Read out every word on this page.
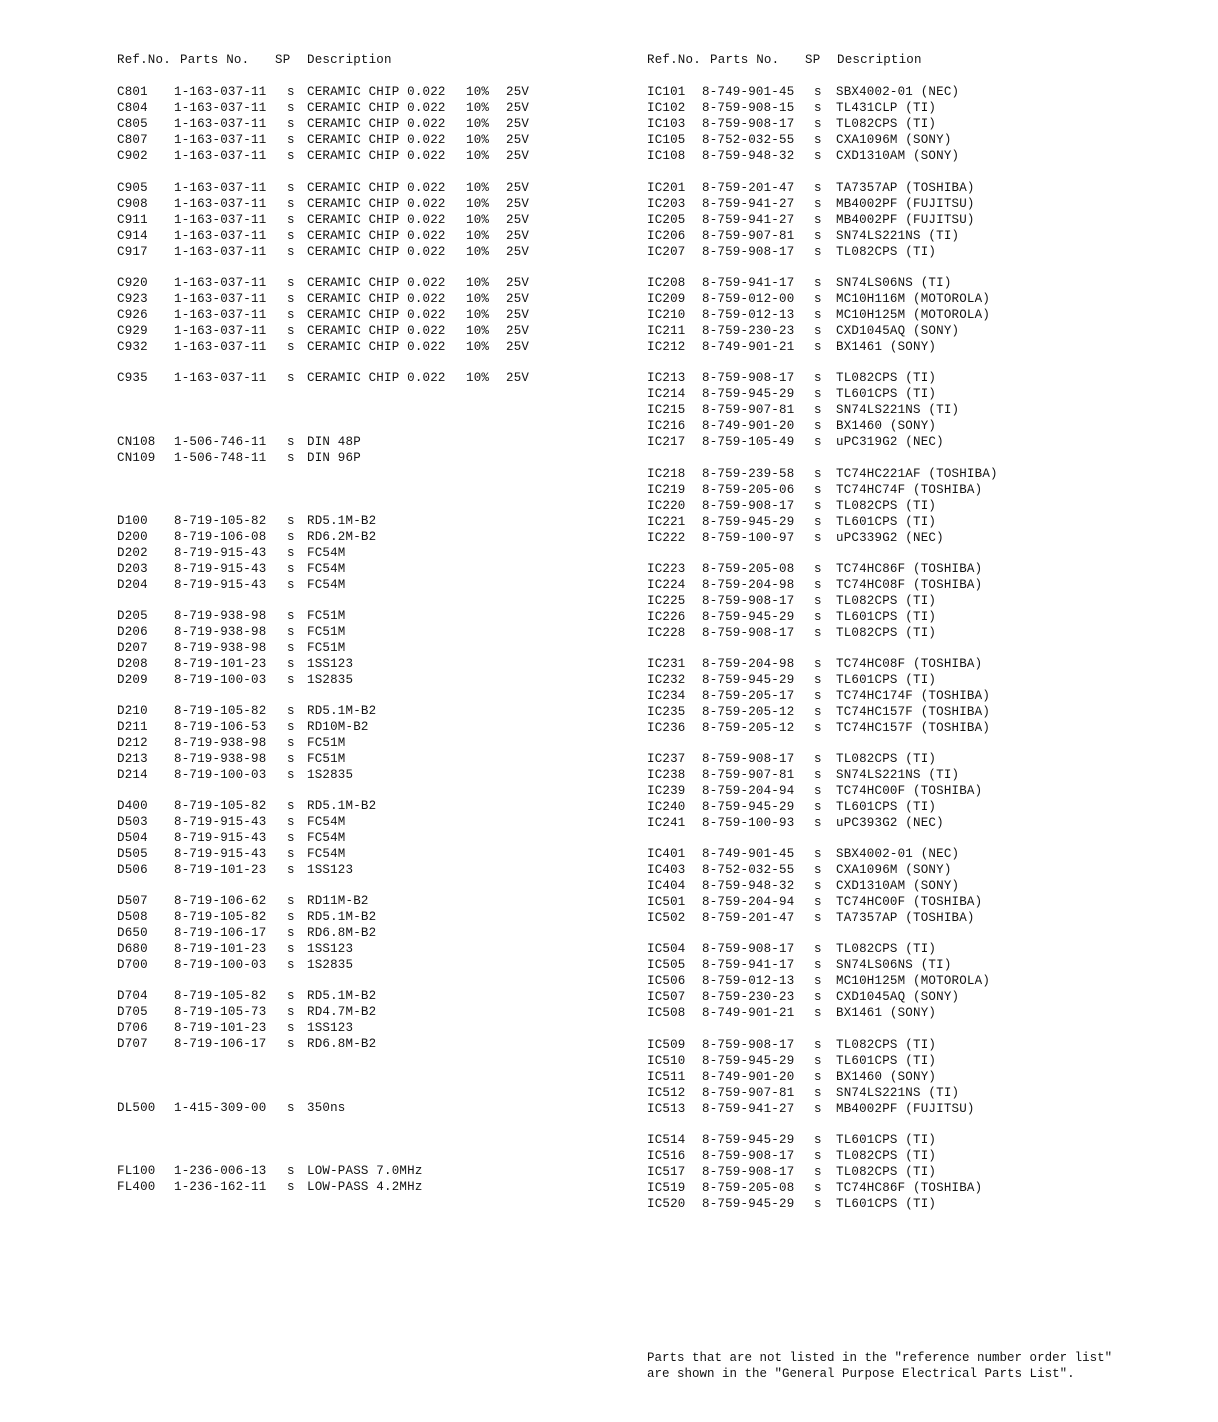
Ref.No. Parts No. SP Description
C801 1-163-037-11 s CERAMIC CHIP 0.022 10% 25V
C804 1-163-037-11 s CERAMIC CHIP 0.022 10% 25V
C805 1-163-037-11 s CERAMIC CHIP 0.022 10% 25V
C807 1-163-037-11 s CERAMIC CHIP 0.022 10% 25V
C902 1-163-037-11 s CERAMIC CHIP 0.022 10% 25V
C905 1-163-037-11 s CERAMIC CHIP 0.022 10% 25V
C908 1-163-037-11 s CERAMIC CHIP 0.022 10% 25V
C911 1-163-037-11 s CERAMIC CHIP 0.022 10% 25V
C914 1-163-037-11 s CERAMIC CHIP 0.022 10% 25V
C917 1-163-037-11 s CERAMIC CHIP 0.022 10% 25V
C920 1-163-037-11 s CERAMIC CHIP 0.022 10% 25V
C923 1-163-037-11 s CERAMIC CHIP 0.022 10% 25V
C926 1-163-037-11 s CERAMIC CHIP 0.022 10% 25V
C929 1-163-037-11 s CERAMIC CHIP 0.022 10% 25V
C932 1-163-037-11 s CERAMIC CHIP 0.022 10% 25V
C935 1-163-037-11 s CERAMIC CHIP 0.022 10% 25V
CN108 1-506-746-11 s DIN 48P
CN109 1-506-748-11 s DIN 96P
D100 8-719-105-82 s RD5.1M-B2
D200 8-719-106-08 s RD6.2M-B2
D202 8-719-915-43 s FC54M
D203 8-719-915-43 s FC54M
D204 8-719-915-43 s FC54M
D205 8-719-938-98 s FC51M
D206 8-719-938-98 s FC51M
D207 8-719-938-98 s FC51M
D208 8-719-101-23 s 1SS123
D209 8-719-100-03 s 1S2835
D210 8-719-105-82 s RD5.1M-B2
D211 8-719-106-53 s RD10M-B2
D212 8-719-938-98 s FC51M
D213 8-719-938-98 s FC51M
D214 8-719-100-03 s 1S2835
D400 8-719-105-82 s RD5.1M-B2
D503 8-719-915-43 s FC54M
D504 8-719-915-43 s FC54M
D505 8-719-915-43 s FC54M
D506 8-719-101-23 s 1SS123
D507 8-719-106-62 s RD11M-B2
D508 8-719-105-82 s RD5.1M-B2
D650 8-719-106-17 s RD6.8M-B2
D680 8-719-101-23 s 1SS123
D700 8-719-100-03 s 1S2835
D704 8-719-105-82 s RD5.1M-B2
D705 8-719-105-73 s RD4.7M-B2
D706 8-719-101-23 s 1SS123
D707 8-719-106-17 s RD6.8M-B2
DL500 1-415-309-00 s 350ns
FL100 1-236-006-13 s LOW-PASS 7.0MHz
FL400 1-236-162-11 s LOW-PASS 4.2MHz
Ref.No. Parts No. SP Description
IC101 8-749-901-45 s SBX4002-01 (NEC)
IC102 8-759-908-15 s TL431CLP (TI)
IC103 8-759-908-17 s TL082CPS (TI)
IC105 8-752-032-55 s CXA1096M (SONY)
IC108 8-759-948-32 s CXD1310AM (SONY)
IC201 8-759-201-47 s TA7357AP (TOSHIBA)
IC203 8-759-941-27 s MB4002PF (FUJITSU)
IC205 8-759-941-27 s MB4002PF (FUJITSU)
IC206 8-759-907-81 s SN74LS221NS (TI)
IC207 8-759-908-17 s TL082CPS (TI)
IC208 8-759-941-17 s SN74LS06NS (TI)
IC209 8-759-012-00 s MC10H116M (MOTOROLA)
IC210 8-759-012-13 s MC10H125M (MOTOROLA)
IC211 8-759-230-23 s CXD1045AQ (SONY)
IC212 8-749-901-21 s BX1461 (SONY)
IC213 8-759-908-17 s TL082CPS (TI)
IC214 8-759-945-29 s TL601CPS (TI)
IC215 8-759-907-81 s SN74LS221NS (TI)
IC216 8-749-901-20 s BX1460 (SONY)
IC217 8-759-105-49 s uPC319G2 (NEC)
IC218 8-759-239-58 s TC74HC221AF (TOSHIBA)
IC219 8-759-205-06 s TC74HC74F (TOSHIBA)
IC220 8-759-908-17 s TL082CPS (TI)
IC221 8-759-945-29 s TL601CPS (TI)
IC222 8-759-100-97 s uPC339G2 (NEC)
IC223 8-759-205-08 s TC74HC86F (TOSHIBA)
IC224 8-759-204-98 s TC74HC08F (TOSHIBA)
IC225 8-759-908-17 s TL082CPS (TI)
IC226 8-759-945-29 s TL601CPS (TI)
IC228 8-759-908-17 s TL082CPS (TI)
IC231 8-759-204-98 s TC74HC08F (TOSHIBA)
IC232 8-759-945-29 s TL601CPS (TI)
IC234 8-759-205-17 s TC74HC174F (TOSHIBA)
IC235 8-759-205-12 s TC74HC157F (TOSHIBA)
IC236 8-759-205-12 s TC74HC157F (TOSHIBA)
IC237 8-759-908-17 s TL082CPS (TI)
IC238 8-759-907-81 s SN74LS221NS (TI)
IC239 8-759-204-94 s TC74HC00F (TOSHIBA)
IC240 8-759-945-29 s TL601CPS (TI)
IC241 8-759-100-93 s uPC393G2 (NEC)
IC401 8-749-901-45 s SBX4002-01 (NEC)
IC403 8-752-032-55 s CXA1096M (SONY)
IC404 8-759-948-32 s CXD1310AM (SONY)
IC501 8-759-204-94 s TC74HC00F (TOSHIBA)
IC502 8-759-201-47 s TA7357AP (TOSHIBA)
IC504 8-759-908-17 s TL082CPS (TI)
IC505 8-759-941-17 s SN74LS06NS (TI)
IC506 8-759-012-13 s MC10H125M (MOTOROLA)
IC507 8-759-230-23 s CXD1045AQ (SONY)
IC508 8-749-901-21 s BX1461 (SONY)
IC509 8-759-908-17 s TL082CPS (TI)
IC510 8-759-945-29 s TL601CPS (TI)
IC511 8-749-901-20 s BX1460 (SONY)
IC512 8-759-907-81 s SN74LS221NS (TI)
IC513 8-759-941-27 s MB4002PF (FUJITSU)
IC514 8-759-945-29 s TL601CPS (TI)
IC516 8-759-908-17 s TL082CPS (TI)
IC517 8-759-908-17 s TL082CPS (TI)
IC519 8-759-205-08 s TC74HC86F (TOSHIBA)
IC520 8-759-945-29 s TL601CPS (TI)
Parts that are not listed in the "reference number order list"
are shown in the "General Purpose Electrical Parts List".
